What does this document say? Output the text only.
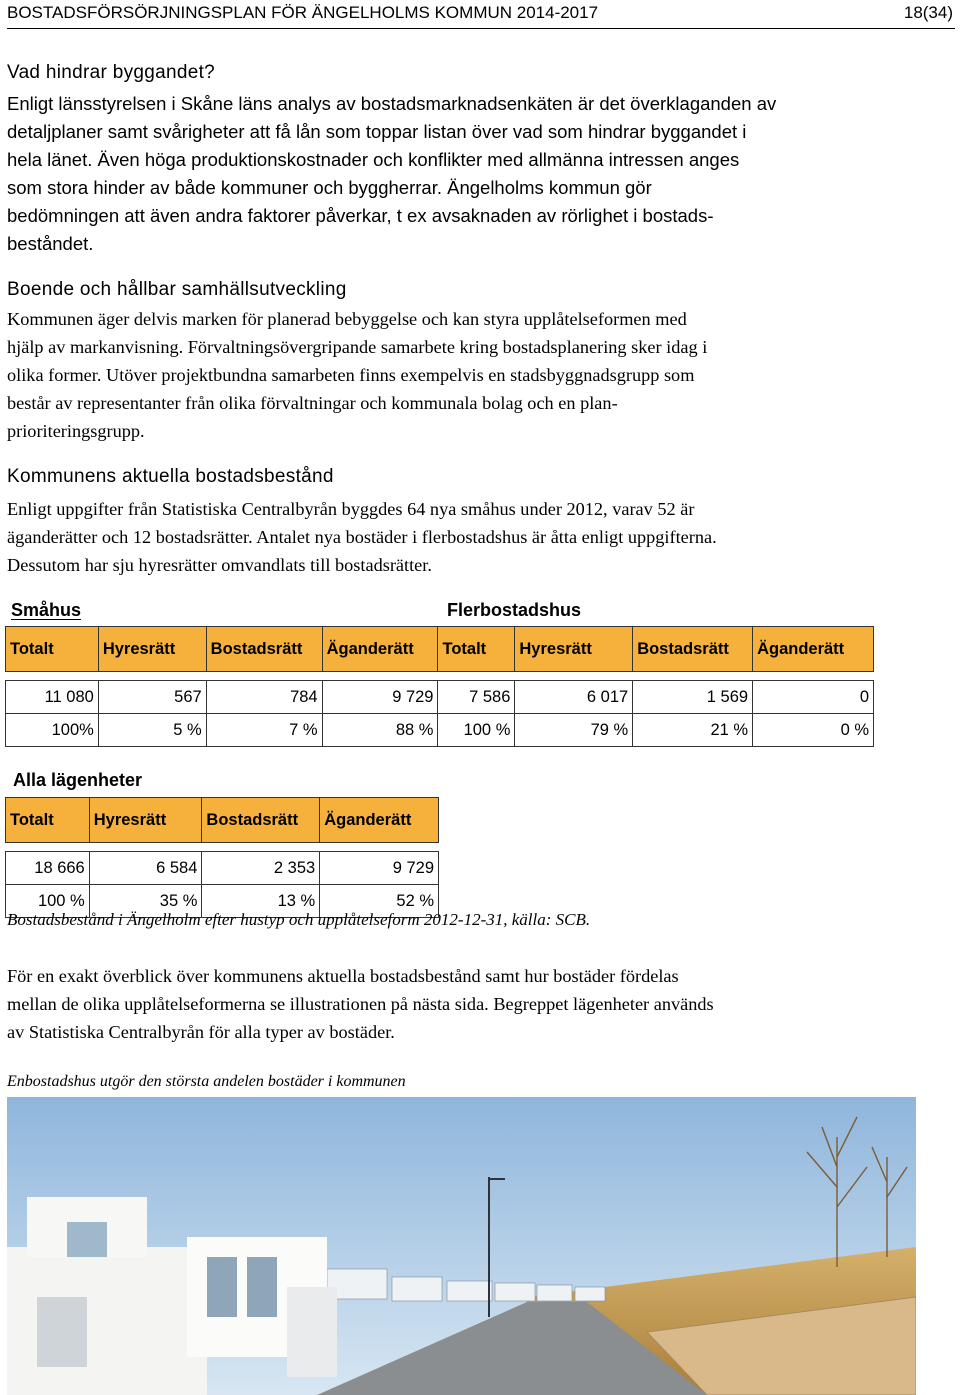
BOSTADSFÖRSÖRJNINGSPLAN FÖR ÄNGELHOLMS KOMMUN 2014-2017	18(34)
Vad hindrar byggandet?
Enligt länsstyrelsen i Skåne läns analys av bostadsmarknadsenkäten är det överklaganden av
detaljplaner samt svårigheter att få lån som toppar listan över vad som hindrar byggandet i
hela länet. Även höga produktionskostnader och konflikter med allmänna intressen anges
som stora hinder av både kommuner och byggherrar. Ängelholms kommun gör
bedömningen att även andra faktorer påverkar, t ex avsaknaden av rörlighet i bostads-
beståndet.
Boende och hållbar samhällsutveckling
Kommunen äger delvis marken för planerad bebyggelse och kan styra upplåtelseformen med
hjälp av markanvisning. Förvaltningsövergripande samarbete kring bostadsplanering sker idag i
olika former. Utöver projektbundna samarbeten finns exempelvis en stadsbyggnadsgrupp som
består av representanter från olika förvaltningar och kommunala bolag och en plan-
prioriteringsgrupp.
Kommunens aktuella bostadsbestånd
Enligt uppgifter från Statistiska Centralbyrån byggdes 64 nya småhus under 2012, varav 52 är
äganderätter och 12 bostadsrätter. Antalet nya bostäder i flerbostadshus är åtta enligt uppgifterna.
Dessutom har sju hyresrätter omvandlats till bostadsrätter.
Småhus	Flerbostadshus
Totalt	Hyresrätt	Bostadsrätt	Äganderätt	Totalt	Hyresrätt	Bostadsrätt	Äganderätt

11 080	567	784	9 729	7 586	6 017	1 569	0
100%	5 %	7 %	88 %	100 %	79 %	21 %	0 %
Alla lägenheter
Totalt	Hyresrätt	Bostadsrätt	Äganderätt

18 666	6 584	2 353	9 729
100 %	35 %	13 %	52 %
Bostadsbestånd i Ängelholm efter hustyp och upplåtelseform 2012-12-31, källa: SCB.
För en exakt överblick över kommunens aktuella bostadsbestånd samt hur bostäder fördelas
mellan de olika upplåtelseformerna se illustrationen på nästa sida. Begreppet lägenheter används
av Statistiska Centralbyrån för alla typer av bostäder.
Enbostadshus utgör den största andelen bostäder i kommunen
